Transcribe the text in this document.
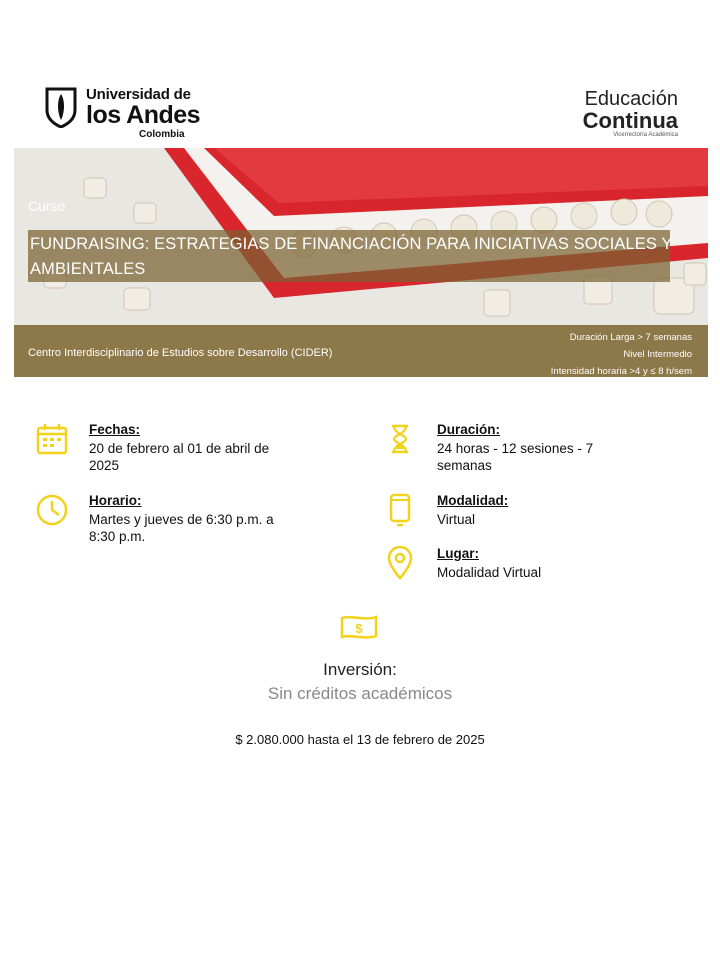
Universidad de
los Andes
Colombia
Educación
Continua
Vicerrectoría Académica
Curso
FUNDRAISING: ESTRATEGIAS DE FINANCIACIÓN PARA INICIATIVAS SOCIALES Y AMBIENTALES
Centro Interdisciplinario de Estudios sobre Desarrollo (CIDER)
Duración Larga > 7 semanas
Nivel Intermedio
Intensidad horaria >4 y ≤ 8 h/sem
Fechas:
20 de febrero al 01 de abril de 2025
Horario:
Martes y jueves de 6:30 p.m. a 8:30 p.m.
Duración:
24 horas - 12 sesiones - 7 semanas
Modalidad:
Virtual
Lugar:
Modalidad Virtual
$
Inversión:
Sin créditos académicos
$ 2.080.000 hasta el 13 de febrero de 2025
